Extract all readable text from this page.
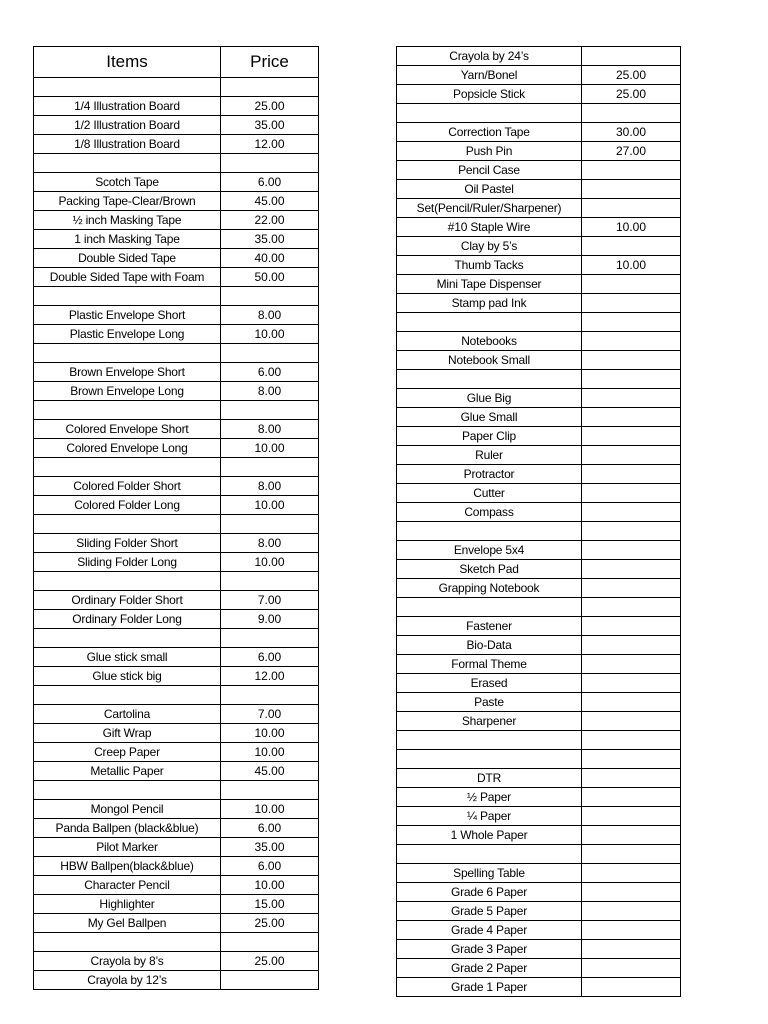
Items	Price

1/4 Illustration Board	25.00
1/2 Illustration Board	35.00
1/8 Illustration Board	12.00

Scotch Tape	6.00
Packing Tape-Clear/Brown	45.00
½ inch Masking Tape	22.00
1 inch Masking Tape	35.00
Double Sided Tape	40.00
Double Sided Tape with Foam	50.00

Plastic Envelope Short	8.00
Plastic Envelope Long	10.00

Brown Envelope Short	6.00
Brown Envelope Long	8.00

Colored Envelope Short	8.00
Colored Envelope Long	10.00

Colored Folder Short	8.00
Colored Folder Long	10.00

Sliding Folder Short	8.00
Sliding Folder Long	10.00

Ordinary Folder Short	7.00
Ordinary Folder Long	9.00

Glue stick small	6.00
Glue stick big	12.00

Cartolina	7.00
Gift Wrap	10.00
Creep Paper	10.00
Metallic Paper	45.00

Mongol Pencil	10.00
Panda Ballpen (black&blue)	6.00
Pilot Marker	35.00
HBW Ballpen(black&blue)	6.00
Character Pencil	10.00
Highlighter	15.00
My Gel Ballpen	25.00

Crayola by 8’s	25.00
Crayola by 12’s	
Crayola by 24’s	
Yarn/Bonel	25.00
Popsicle Stick	25.00

Correction Tape	30.00
Push Pin	27.00
Pencil Case	
Oil Pastel	
Set(Pencil/Ruler/Sharpener)	
#10 Staple Wire	10.00
Clay by 5’s	
Thumb Tacks	10.00
Mini Tape Dispenser	
Stamp pad Ink	

Notebooks	
Notebook Small	

Glue Big	
Glue Small	
Paper Clip	
Ruler	
Protractor	
Cutter	
Compass	

Envelope 5x4	
Sketch Pad	
Grapping Notebook	

Fastener	
Bio-Data	
Formal Theme	
Erased	
Paste	
Sharpener	

DTR	
½ Paper	
¼ Paper	
1 Whole Paper	

Spelling Table	
Grade 6 Paper	
Grade 5 Paper	
Grade 4 Paper	
Grade 3 Paper	
Grade 2 Paper	
Grade 1 Paper	
